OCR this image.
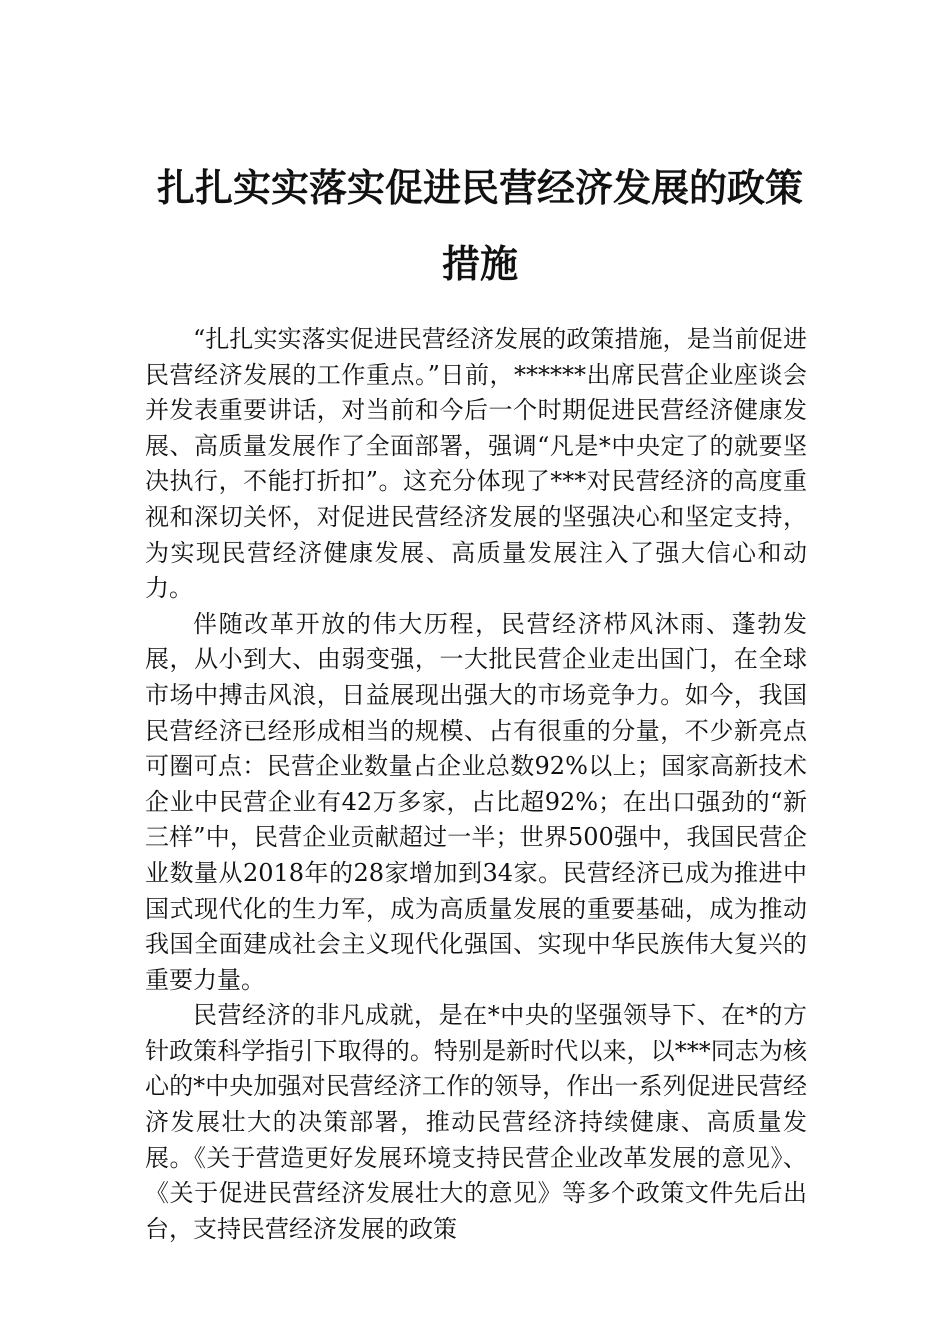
扎扎实实落实促进民营经济发展的政策措施

“扎扎实实落实促进民营经济发展的政策措施，是当前促进民营经济发展的工作重点。”日前，******出席民营企业座谈会并发表重要讲话，对当前和今后一个时期促进民营经济健康发展、高质量发展作了全面部署，强调“凡是*中央定了的就要坚决执行，不能打折扣”。这充分体现了***对民营经济的高度重视和深切关怀，对促进民营经济发展的坚强决心和坚定支持，为实现民营经济健康发展、高质量发展注入了强大信心和动力。

伴随改革开放的伟大历程，民营经济栉风沐雨、蓬勃发展，从小到大、由弱变强，一大批民营企业走出国门，在全球市场中搏击风浪，日益展现出强大的市场竞争力。如今，我国民营经济已经形成相当的规模、占有很重的分量，不少新亮点可圈可点：民营企业数量占企业总数92%以上；国家高新技术企业中民营企业有42万多家，占比超92%；在出口强劲的“新三样”中，民营企业贡献超过一半；世界500强中，我国民营企业数量从2018年的28家增加到34家。民营经济已成为推进中国式现代化的生力军，成为高质量发展的重要基础，成为推动我国全面建成社会主义现代化强国、实现中华民族伟大复兴的重要力量。

民营经济的非凡成就，是在*中央的坚强领导下、在*的方针政策科学指引下取得的。特别是新时代以来，以***同志为核心的*中央加强对民营经济工作的领导，作出一系列促进民营经济发展壮大的决策部署，推动民营经济持续健康、高质量发展。《关于营造更好发展环境支持民营企业改革发展的意见》、《关于促进民营经济发展壮大的意见》等多个政策文件先后出台，支持民营经济发展的政策
